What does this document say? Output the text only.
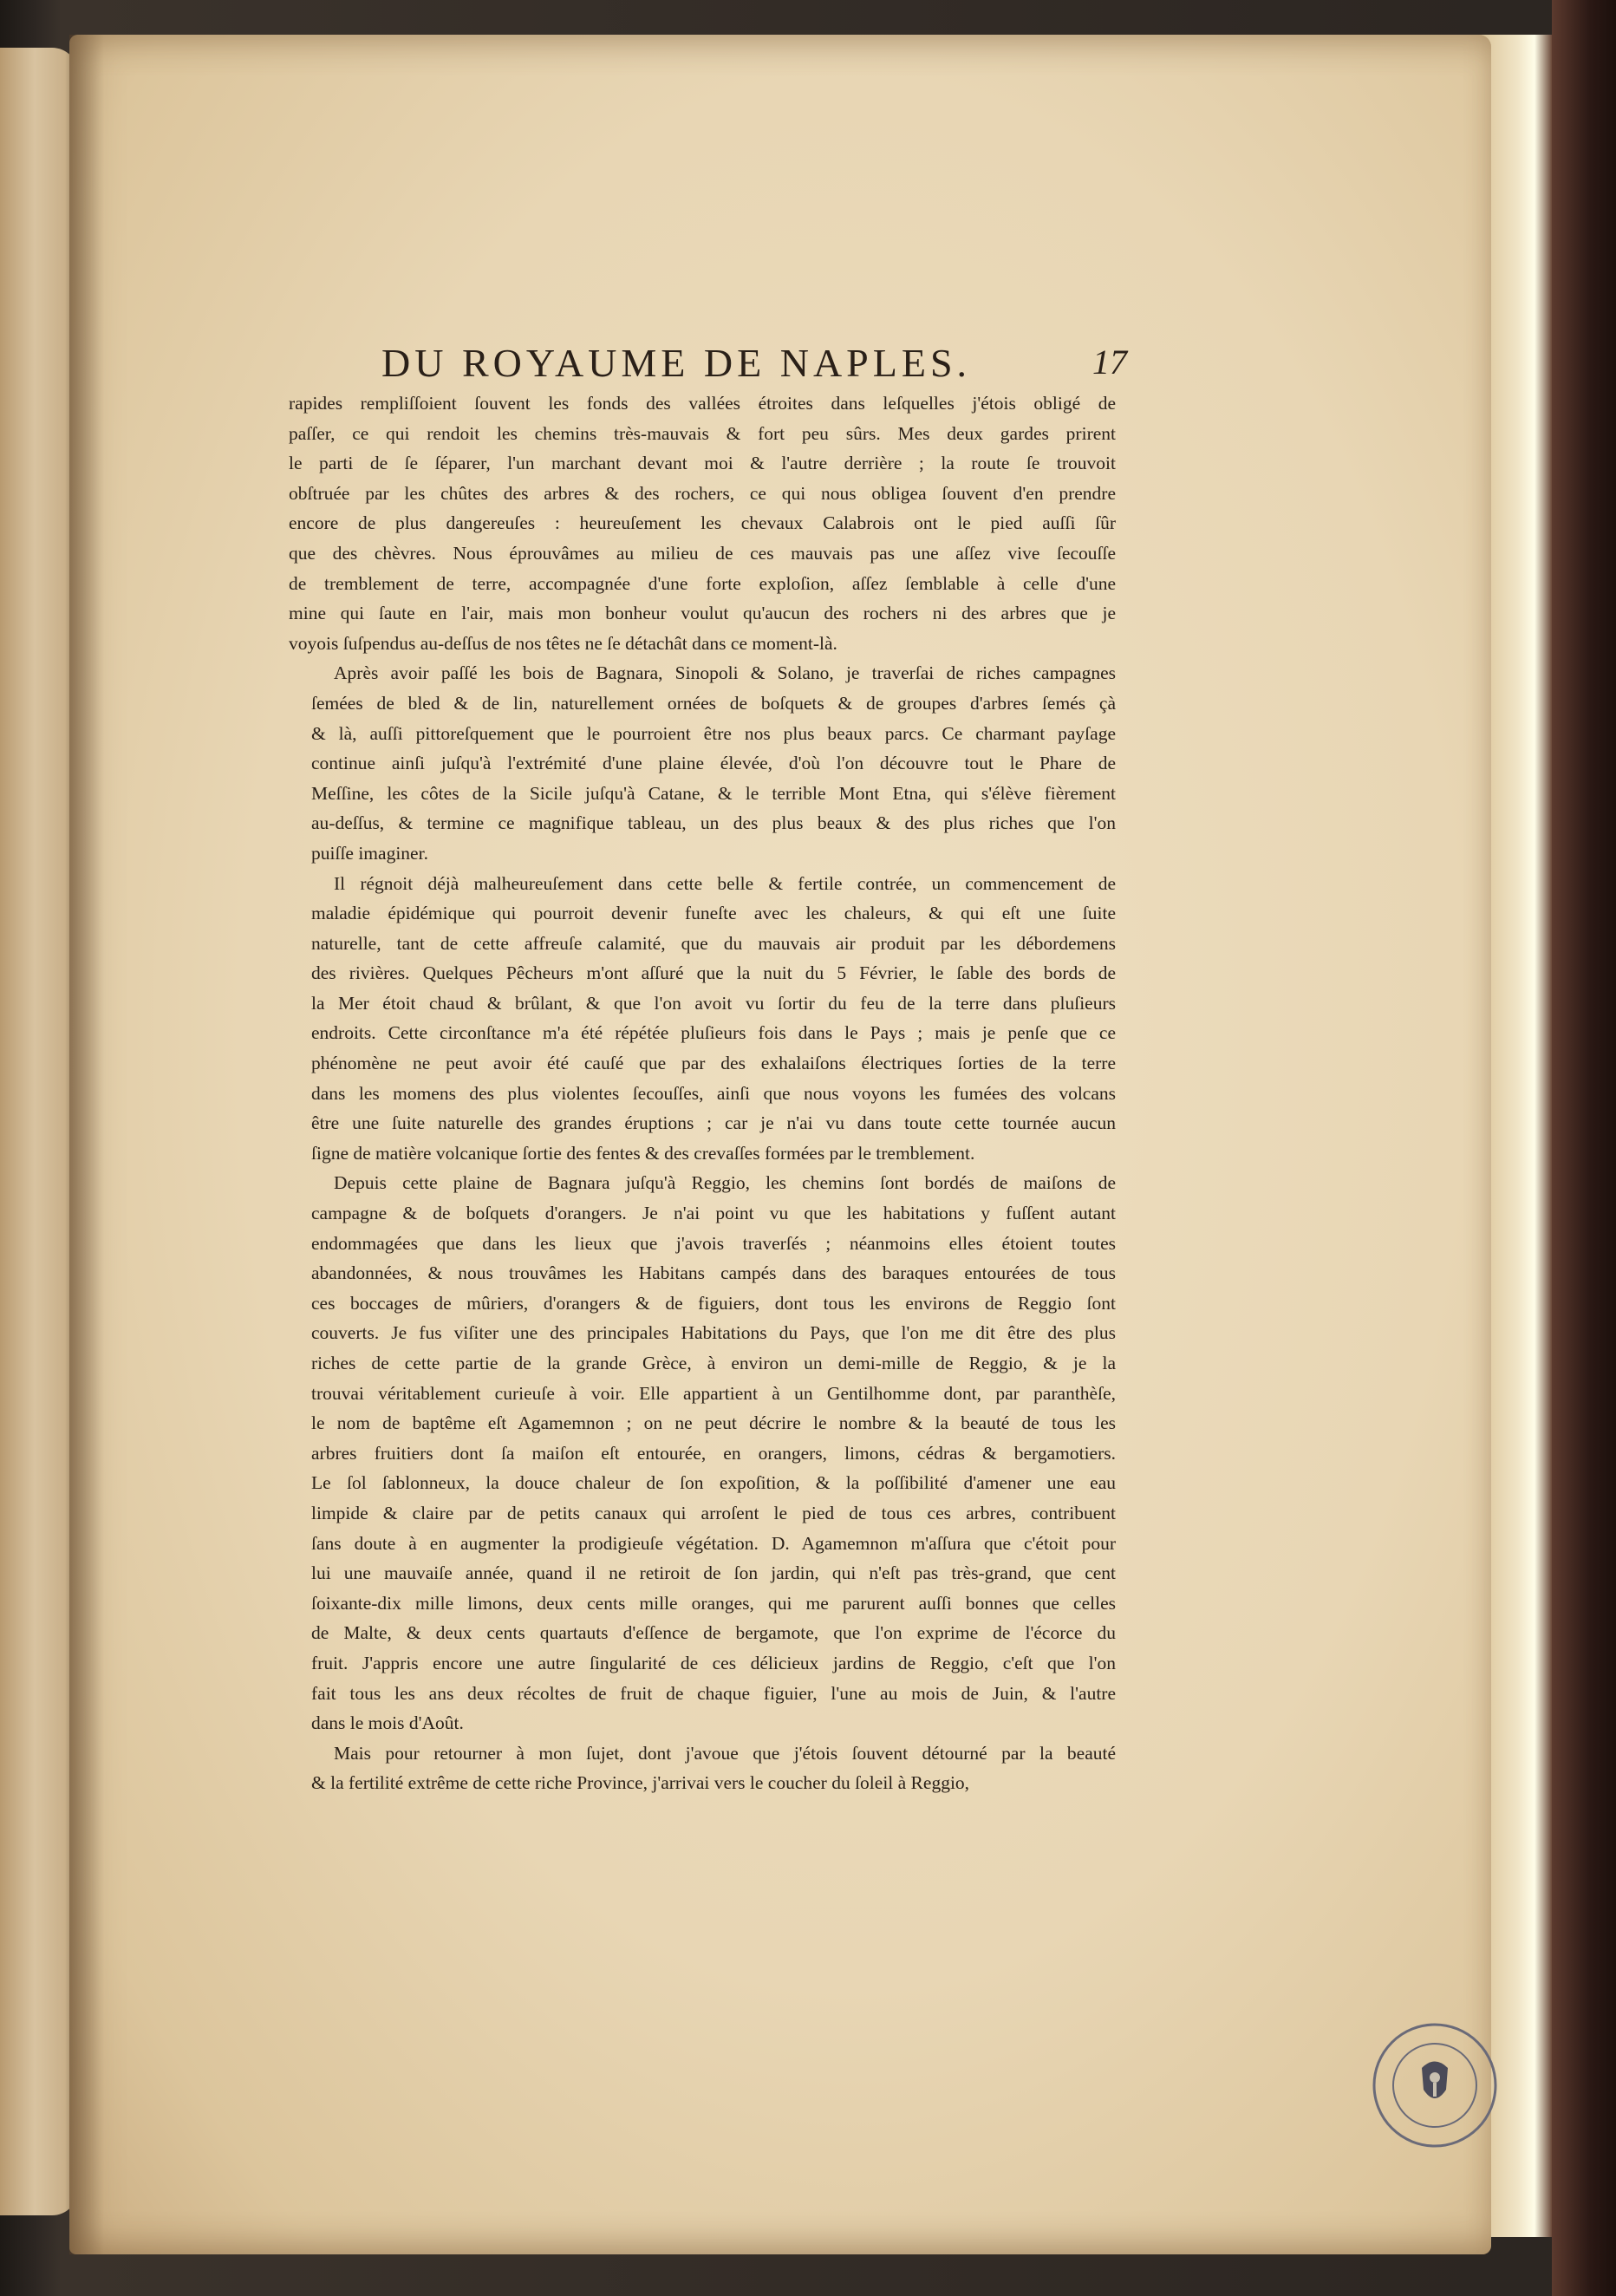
DU ROYAUME DE NAPLES.	17
rapides rempliſſoient ſouvent les fonds des vallées étroites dans leſquelles j'étois obligé de
paſſer, ce qui rendoit les chemins très-mauvais & fort peu sûrs. Mes deux gardes prirent
le parti de ſe ſéparer, l'un marchant devant moi & l'autre derrière ; la route ſe trouvoit
obſtruée par les chûtes des arbres & des rochers, ce qui nous obligea ſouvent d'en prendre
encore de plus dangereuſes : heureuſement les chevaux Calabrois ont le pied auſſi ſûr
que des chèvres. Nous éprouvâmes au milieu de ces mauvais pas une aſſez vive ſecouſſe
de tremblement de terre, accompagnée d'une forte exploſion, aſſez ſemblable à celle d'une
mine qui ſaute en l'air, mais mon bonheur voulut qu'aucun des rochers ni des arbres que je
voyois ſuſpendus au-deſſus de nos têtes ne ſe détachât dans ce moment-là.
Après avoir paſſé les bois de Bagnara, Sinopoli & Solano, je traverſai de riches campagnes
ſemées de bled & de lin, naturellement ornées de boſquets & de groupes d'arbres ſemés çà
& là, auſſi pittoreſquement que le pourroient être nos plus beaux parcs. Ce charmant payſage
continue ainſi juſqu'à l'extrémité d'une plaine élevée, d'où l'on découvre tout le Phare de
Meſſine, les côtes de la Sicile juſqu'à Catane, & le terrible Mont Etna, qui s'élève fièrement
au-deſſus, & termine ce magnifique tableau, un des plus beaux & des plus riches que l'on
puiſſe imaginer.
Il régnoit déjà malheureuſement dans cette belle & fertile contrée, un commencement de
maladie épidémique qui pourroit devenir funeſte avec les chaleurs, & qui eſt une ſuite
naturelle, tant de cette affreuſe calamité, que du mauvais air produit par les débordemens
des rivières. Quelques Pêcheurs m'ont aſſuré que la nuit du 5 Février, le ſable des bords de
la Mer étoit chaud & brûlant, & que l'on avoit vu ſortir du feu de la terre dans pluſieurs
endroits. Cette circonſtance m'a été répétée pluſieurs fois dans le Pays ; mais je penſe que ce
phénomène ne peut avoir été cauſé que par des exhalaiſons électriques ſorties de la terre
dans les momens des plus violentes ſecouſſes, ainſi que nous voyons les fumées des volcans
être une ſuite naturelle des grandes éruptions ; car je n'ai vu dans toute cette tournée aucun
ſigne de matière volcanique ſortie des fentes & des crevaſſes formées par le tremblement.
Depuis cette plaine de Bagnara juſqu'à Reggio, les chemins ſont bordés de maiſons de
campagne & de boſquets d'orangers. Je n'ai point vu que les habitations y fuſſent autant
endommagées que dans les lieux que j'avois traverſés ; néanmoins elles étoient toutes
abandonnées, & nous trouvâmes les Habitans campés dans des baraques entourées de tous
ces boccages de mûriers, d'orangers & de figuiers, dont tous les environs de Reggio ſont
couverts. Je fus viſiter une des principales Habitations du Pays, que l'on me dit être des plus
riches de cette partie de la grande Grèce, à environ un demi-mille de Reggio, & je la
trouvai véritablement curieuſe à voir. Elle appartient à un Gentilhomme dont, par paranthèſe,
le nom de baptême eſt Agamemnon ; on ne peut décrire le nombre & la beauté de tous les
arbres fruitiers dont ſa maiſon eſt entourée, en orangers, limons, cédras & bergamotiers.
Le ſol ſablonneux, la douce chaleur de ſon expoſition, & la poſſibilité d'amener une eau
limpide & claire par de petits canaux qui arroſent le pied de tous ces arbres, contribuent
ſans doute à en augmenter la prodigieuſe végétation. D. Agamemnon m'aſſura que c'étoit pour
lui une mauvaiſe année, quand il ne retiroit de ſon jardin, qui n'eſt pas très-grand, que cent
ſoixante-dix mille limons, deux cents mille oranges, qui me parurent auſſi bonnes que celles
de Malte, & deux cents quartauts d'eſſence de bergamote, que l'on exprime de l'écorce du
fruit. J'appris encore une autre ſingularité de ces délicieux jardins de Reggio, c'eſt que l'on
fait tous les ans deux récoltes de fruit de chaque figuier, l'une au mois de Juin, & l'autre
dans le mois d'Août.
Mais pour retourner à mon ſujet, dont j'avoue que j'étois ſouvent détourné par la beauté
& la fertilité extrême de cette riche Province, j'arrivai vers le coucher du ſoleil à Reggio,
